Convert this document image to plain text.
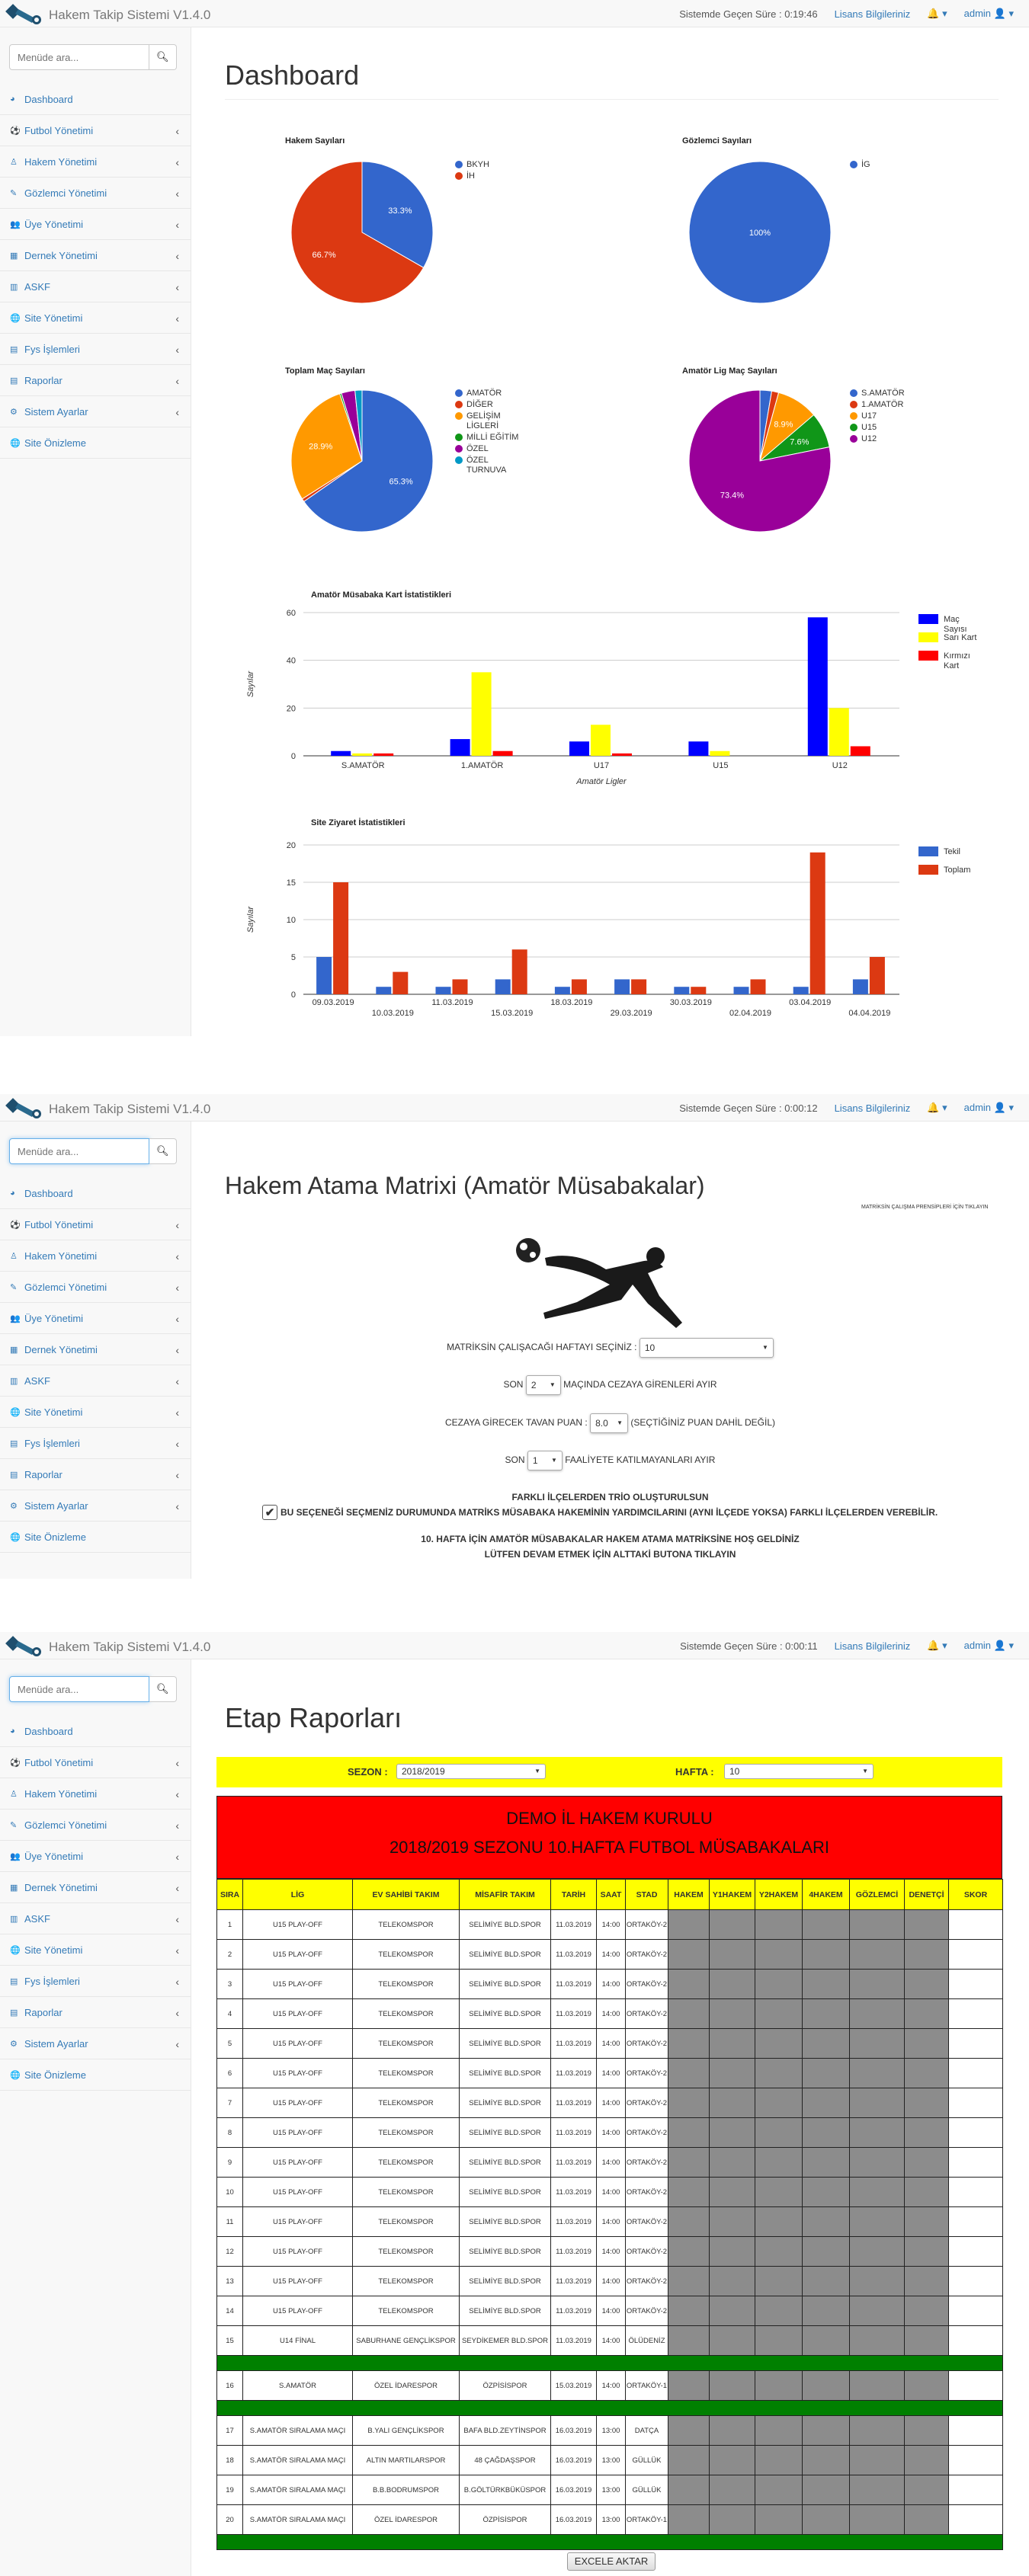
Hakem Takip Sistemi V1.4.0	Sistemde Geçen Süre : 0:19:46 Lisans Bilgileriniz 🔔 ▾ admin 👤 ▾
Menüde ara...
🔍︎
◕ Dashboard
⚽ Futbol Yönetimi	‹
♙ Hakem Yönetimi	‹
✎ Gözlemci Yönetimi	‹
👥 Üye Yönetimi	‹
▦ Dernek Yönetimi	‹
▥ ASKF	‹
🌐 Site Yönetimi	‹
▤ Fys İşlemleri	‹
▤ Raporlar	‹
⚙ Sistem Ayarlar	‹
🌐 Site Önizleme
Dashboard
Hakem Sayıları
33.3%
66.7%
BKYH
İH
Gözlemci Sayıları
100%
İG
Toplam Maç Sayıları
65.3%
28.9%
AMATÖR
DİĞER
GELİŞİM LİGLERİ
MİLLİ EĞİTİM
ÖZEL
ÖZEL TURNUVA
Amatör Lig Maç Sayıları
8.9%
7.6%
73.4%
S.AMATÖR
1.AMATÖR
U17
U15
U12
Amatör Müsabaka Kart İstatistikleri
0
20
40
60
Sayılar
S.AMATÖR	1.AMATÖR	U17	U15	U12
Amatör Ligler
Maç Sayısı
Sarı Kart
Kırmızı Kart
Site Ziyaret İstatistikleri
0
5
10
15
20
Sayılar
09.03.2019
10.03.2019
11.03.2019
15.03.2019
18.03.2019
29.03.2019
30.03.2019
02.04.2019
03.04.2019
04.04.2019
Tekil
Toplam
Hakem Takip Sistemi V1.4.0	Sistemde Geçen Süre : 0:00:12 Lisans Bilgileriniz 🔔 ▾ admin 👤 ▾
Menüde ara...
🔍︎
◕ Dashboard
⚽ Futbol Yönetimi	‹
♙ Hakem Yönetimi	‹
✎ Gözlemci Yönetimi	‹
👥 Üye Yönetimi	‹
▦ Dernek Yönetimi	‹
▥ ASKF	‹
🌐 Site Yönetimi	‹
▤ Fys İşlemleri	‹
▤ Raporlar	‹
⚙ Sistem Ayarlar	‹
🌐 Site Önizleme
Hakem Atama Matrixi (Amatör Müsabakalar)
MATRİKSİN ÇALIŞMA PRENSİPLERİ İÇİN TIKLAYIN
MATRİKSİN ÇALIŞACAĞI HAFTAYI SEÇİNİZ : 10	▼
SON 2 ▼ MAÇINDA CEZAYA GİRENLERİ AYIR
CEZAYA GİRECEK TAVAN PUAN : 8.0 ▼ (SEÇTİĞİNİZ PUAN DAHİL DEĞİL)
SON 1 ▼ FAALİYETE KATILMAYANLARI AYIR
FARKLI İLÇELERDEN TRİO OLUŞTURULSUN
✔ BU SEÇENEĞİ SEÇMENİZ DURUMUNDA MATRİKS MÜSABAKA HAKEMİNİN YARDIMCILARINI (AYNI İLÇEDE YOKSA) FARKLI İLÇELERDEN VEREBİLİR.
10. HAFTA İÇİN AMATÖR MÜSABAKALAR HAKEM ATAMA MATRİKSİNE HOŞ GELDİNİZ
LÜTFEN DEVAM ETMEK İÇİN ALTTAKİ BUTONA TIKLAYIN
Hakem Takip Sistemi V1.4.0	Sistemde Geçen Süre : 0:00:11 Lisans Bilgileriniz 🔔 ▾ admin 👤 ▾
Menüde ara...
🔍︎
◕ Dashboard
⚽ Futbol Yönetimi	‹
♙ Hakem Yönetimi	‹
✎ Gözlemci Yönetimi	‹
👥 Üye Yönetimi	‹
▦ Dernek Yönetimi	‹
▥ ASKF	‹
🌐 Site Yönetimi	‹
▤ Fys İşlemleri	‹
▤ Raporlar	‹
⚙ Sistem Ayarlar	‹
🌐 Site Önizleme
Etap Raporları
SEZON :	2018/2019	▼	HAFTA :	10	▼
DEMO İL HAKEM KURULU
2018/2019 SEZONU 10.HAFTA FUTBOL MÜSABAKALARI
SIRA	LİG	EV SAHİBİ TAKIM	MİSAFİR TAKIM	TARİH	SAAT	STAD	HAKEM	Y1HAKEM	Y2HAKEM	4HAKEM	GÖZLEMCİ	DENETÇİ	SKOR
1	U15 PLAY-OFF	TELEKOMSPOR	SELİMİYE BLD.SPOR	11.03.2019	14:00	ORTAKÖY-2							
2	U15 PLAY-OFF	TELEKOMSPOR	SELİMİYE BLD.SPOR	11.03.2019	14:00	ORTAKÖY-2							
3	U15 PLAY-OFF	TELEKOMSPOR	SELİMİYE BLD.SPOR	11.03.2019	14:00	ORTAKÖY-2							
4	U15 PLAY-OFF	TELEKOMSPOR	SELİMİYE BLD.SPOR	11.03.2019	14:00	ORTAKÖY-2							
5	U15 PLAY-OFF	TELEKOMSPOR	SELİMİYE BLD.SPOR	11.03.2019	14:00	ORTAKÖY-2							
6	U15 PLAY-OFF	TELEKOMSPOR	SELİMİYE BLD.SPOR	11.03.2019	14:00	ORTAKÖY-2							
7	U15 PLAY-OFF	TELEKOMSPOR	SELİMİYE BLD.SPOR	11.03.2019	14:00	ORTAKÖY-2							
8	U15 PLAY-OFF	TELEKOMSPOR	SELİMİYE BLD.SPOR	11.03.2019	14:00	ORTAKÖY-2							
9	U15 PLAY-OFF	TELEKOMSPOR	SELİMİYE BLD.SPOR	11.03.2019	14:00	ORTAKÖY-2							
10	U15 PLAY-OFF	TELEKOMSPOR	SELİMİYE BLD.SPOR	11.03.2019	14:00	ORTAKÖY-2							
11	U15 PLAY-OFF	TELEKOMSPOR	SELİMİYE BLD.SPOR	11.03.2019	14:00	ORTAKÖY-2							
12	U15 PLAY-OFF	TELEKOMSPOR	SELİMİYE BLD.SPOR	11.03.2019	14:00	ORTAKÖY-2							
13	U15 PLAY-OFF	TELEKOMSPOR	SELİMİYE BLD.SPOR	11.03.2019	14:00	ORTAKÖY-2							
14	U15 PLAY-OFF	TELEKOMSPOR	SELİMİYE BLD.SPOR	11.03.2019	14:00	ORTAKÖY-2							
15	U14 FİNAL	SABURHANE GENÇLİKSPOR	SEYDİKEMER BLD.SPOR	11.03.2019	14:00	ÖLÜDENİZ							

16	S.AMATÖR	ÖZEL İDARESPOR	ÖZPİSİSPOR	15.03.2019	14:00	ORTAKÖY-1							

17	S.AMATÖR SIRALAMA MAÇI	B.YALI GENÇLİKSPOR	BAFA BLD.ZEYTİNSPOR	16.03.2019	13:00	DATÇA							
18	S.AMATÖR SIRALAMA MAÇI	ALTIN MARTILARSPOR	48 ÇAĞDAŞSPOR	16.03.2019	13:00	GÜLLÜK							
19	S.AMATÖR SIRALAMA MAÇI	B.B.BODRUMSPOR	B.GÖLTÜRKBÜKÜSPOR	16.03.2019	13:00	GÜLLÜK							
20	S.AMATÖR SIRALAMA MAÇI	ÖZEL İDARESPOR	ÖZPİSİSPOR	16.03.2019	13:00	ORTAKÖY-1							

EXCELE AKTAR
